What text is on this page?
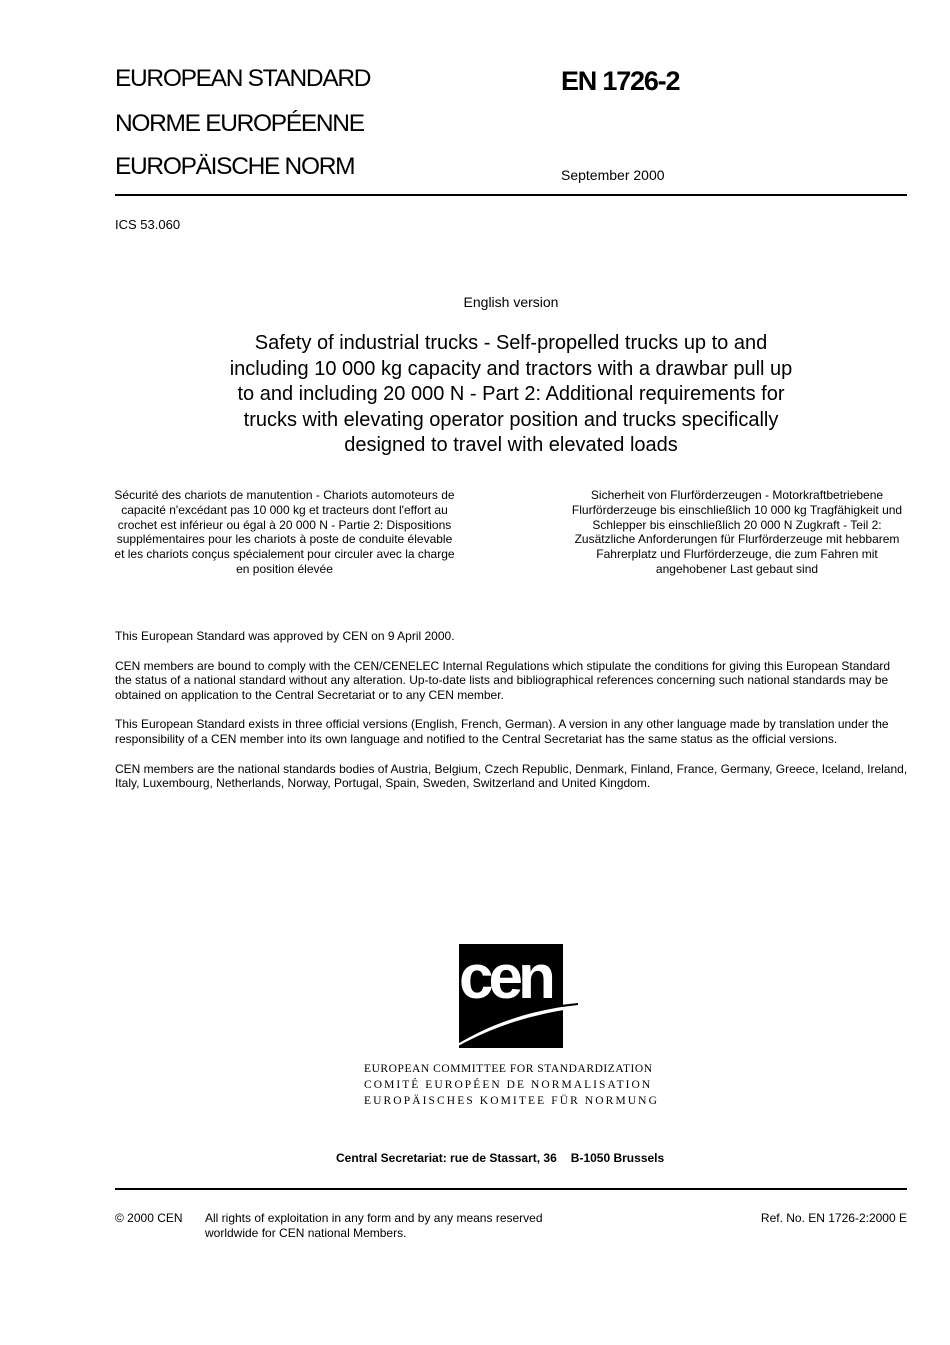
EUROPEAN STANDARD
NORME EUROPÉENNE
EUROPÄISCHE NORM
EN 1726-2
September 2000
ICS 53.060
English version
Safety of industrial trucks - Self-propelled trucks up to and
including 10 000 kg capacity and tractors with a drawbar pull up
to and including 20 000 N - Part 2: Additional requirements for
trucks with elevating operator position and trucks specifically
designed to travel with elevated loads
Sécurité des chariots de manutention - Chariots automoteurs de capacité n'excédant pas 10 000 kg et tracteurs dont l'effort au crochet est inférieur ou égal à 20 000 N - Partie 2: Dispositions supplémentaires pour les chariots à poste de conduite élevable et les chariots conçus spécialement pour circuler avec la charge en position élevée
Sicherheit von Flurförderzeugen - Motorkraftbetriebene Flurförderzeuge bis einschließlich 10 000 kg Tragfähigkeit und Schlepper bis einschließlich 20 000 N Zugkraft - Teil 2: Zusätzliche Anforderungen für Flurförderzeuge mit hebbarem Fahrerplatz und Flurförderzeuge, die zum Fahren mit angehobener Last gebaut sind

This European Standard was approved by CEN on 9 April 2000.

CEN members are bound to comply with the CEN/CENELEC Internal Regulations which stipulate the conditions for giving this European Standard the status of a national standard without any alteration. Up-to-date lists and bibliographical references concerning such national standards may be obtained on application to the Central Secretariat or to any CEN member.

This European Standard exists in three official versions (English, French, German). A version in any other language made by translation under the responsibility of a CEN member into its own language and notified to the Central Secretariat has the same status as the official versions.

CEN members are the national standards bodies of Austria, Belgium, Czech Republic, Denmark, Finland, France, Germany, Greece, Iceland, Ireland, Italy, Luxembourg, Netherlands, Norway, Portugal, Spain, Sweden, Switzerland and United Kingdom.

cen
EUROPEAN COMMITTEE FOR STANDARDIZATION
COMITÉ EUROPÉEN DE NORMALISATION
EUROPÄISCHES KOMITEE FÜR NORMUNG
Central Secretariat: rue de Stassart, 36 B-1050 Brussels
© 2000 CEN All rights of exploitation in any form and by any means reserved
worldwide for CEN national Members.
Ref. No. EN 1726-2:2000 E
